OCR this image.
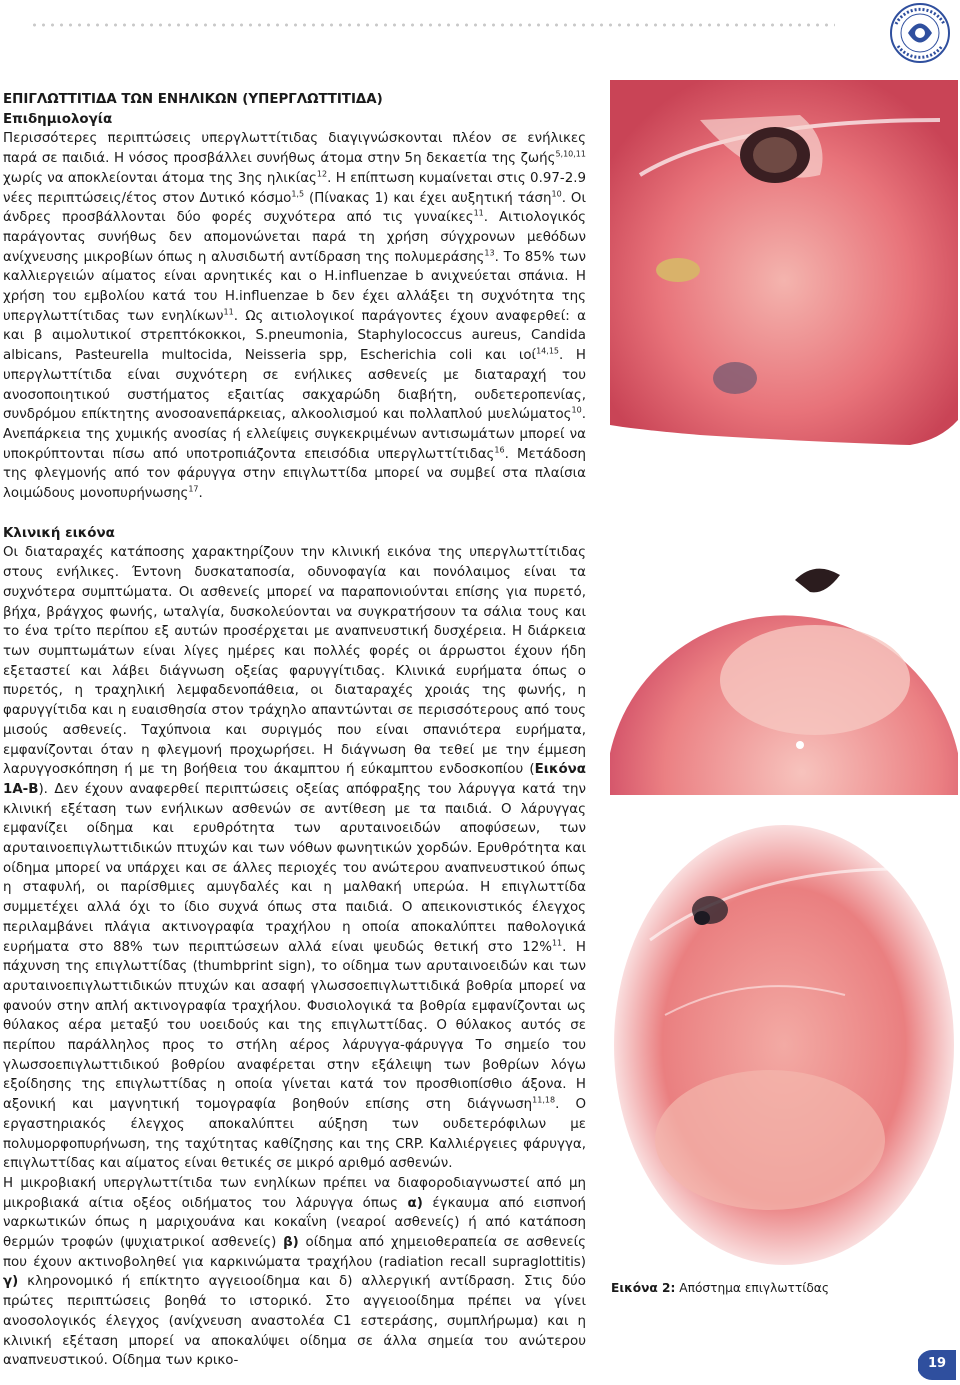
ΕΠΙΓΛΩΤΤΙΤΙΔΑ ΤΩΝ ΕΝΗΛΙΚΩΝ (ΥΠΕΡΓΛΩΤΤΙΤΙΔΑ)
Επιδημιολογία

Περισσότερες περιπτώσεις υπεργλωττίτιδας διαγιγνώσκονται πλέον σε ενήλικες παρά σε παιδιά. Η νόσος προσβάλλει συνήθως άτομα στην 5η δεκαετία της ζωής$^{5,10,11}$ χωρίς να αποκλείονται άτομα της 3ης ηλικίας$^{12}$. Η επίπτωση κυμαίνεται στις 0.97-2.9 νέες περιπτώσεις/έτος στον Δυτικό κόσμο$^{1,5}$ (Πίνακας 1) και έχει αυξητική τάση$^{10}$. Οι άνδρες προσβάλλονται δύο φορές συχνότερα από τις γυναίκες$^{11}$. Αιτιολογικός παράγοντας συνήθως δεν απομονώνεται παρά τη χρήση σύγχρονων μεθόδων ανίχνευσης μικροβίων όπως η αλυσιδωτή αντίδραση της πολυμεράσης$^{13}$. Το 85% των καλλιεργειών αίματος είναι αρνητικές και ο H.influenzae b ανιχνεύεται σπάνια. Η χρήση του εμβολίου κατά του H.influenzae b δεν έχει αλλάξει τη συχνότητα της υπεργλωττίτιδας των ενηλίκων$^{11}$. Ως αιτιολογικοί παράγοντες έχουν αναφερθεί: α και β αιμολυτικοί στρεπτόκοκκοι, S.pneumonia, Staphylococcus aureus, Candida albicans, Pasteurella multocida, Neisseria spp, Escherichia coli και ιοί$^{14,15}$. Η υπεργλωττίτιδα είναι συχνότερη σε ενήλικες ασθενείς με διαταραχή του ανοσοποιητικού συστήματος εξαιτίας σακχαρώδη διαβήτη, ουδετεροπενίας, συνδρόμου επίκτητης ανοσοανεπάρκειας, αλκοολισμού και πολλαπλού μυελώματος$^{10}$. Ανεπάρκεια της χυμικής ανοσίας ή ελλείψεις συγκεκριμένων αντισωμάτων μπορεί να υποκρύπτονται πίσω από υποτροπιάζοντα επεισόδια υπεργλωττίτιδας$^{16}$. Μετάδοση της φλεγμονής από τον φάρυγγα στην επιγλωττίδα μπορεί να συμβεί στα πλαίσια λοιμώδους μονοπυρήνωσης$^{17}$.

Κλινική εικόνα

Οι διαταραχές κατάποσης χαρακτηρίζουν την κλινική εικόνα της υπεργλωττίτιδας στους ενήλικες. Έντονη δυσκαταποσία, οδυνοφαγία και πονόλαιμος είναι τα συχνότερα συμπτώματα. Οι ασθενείς μπορεί να παραπονιούνται επίσης για πυρετό, βήχα, βράγχος φωνής, ωταλγία, δυσκολεύονται να συγκρατήσουν τα σάλια τους και το ένα τρίτο περίπου εξ αυτών προσέρχεται με αναπνευστική δυσχέρεια. Η διάρκεια των συμπτωμάτων είναι λίγες ημέρες και πολλές φορές οι άρρωστοι έχουν ήδη εξεταστεί και λάβει διάγνωση οξείας φαρυγγίτιδας. Κλινικά ευρήματα όπως ο πυρετός, η τραχηλική λεμφαδενοπάθεια, οι διαταραχές χροιάς της φωνής, η φαρυγγίτιδα και η ευαισθησία στον τράχηλο απαντώνται σε περισσότερους από τους μισούς ασθενείς. Ταχύπνοια και συριγμός που είναι σπανιότερα ευρήματα, εμφανίζονται όταν η φλεγμονή προχωρήσει. Η διάγνωση θα τεθεί με την έμμεση λαρυγγοσκόπηση ή με τη βοήθεια του άκαμπτου ή εύκαμπτου ενδοσκοπίου (Εικόνα 1Α-Β). Δεν έχουν αναφερθεί περιπτώσεις οξείας απόφραξης του λάρυγγα κατά την κλινική εξέταση των ενήλικων ασθενών σε αντίθεση με τα παιδιά. Ο λάρυγγας εμφανίζει οίδημα και ερυθρότητα των αρυταινοειδών αποφύσεων, των αρυταινοεπιγλωττιδικών πτυχών και των νόθων φωνητικών χορδών. Ερυθρότητα και οίδημα μπορεί να υπάρχει και σε άλλες περιοχές του ανώτερου αναπνευστικού όπως η σταφυλή, οι παρίσθμιες αμυγδαλές και η μαλθακή υπερώα. Η επιγλωττίδα συμμετέχει αλλά όχι το ίδιο συχνά όπως στα παιδιά. Ο απεικονιστικός έλεγχος περιλαμβάνει πλάγια ακτινογραφία τραχήλου η οποία αποκαλύπτει παθολογικά ευρήματα στο 88% των περιπτώσεων αλλά είναι ψευδώς θετική στο 12%$^{11}$. Η πάχυνση της επιγλωττίδας (thumbprint sign), το οίδημα των αρυταινοειδών και των αρυταινοεπιγλωττιδικών πτυχών και ασαφή γλωσσοεπιγλωττιδικά βοθρία μπορεί να φανούν στην απλή ακτινογραφία τραχήλου. Φυσιολογικά τα βοθρία εμφανίζονται ως θύλακος αέρα μεταξύ του υοειδούς και της επιγλωττίδας. Ο θύλακος αυτός σε περίπου παράλληλος προς το στήλη αέρος λάρυγγα-φάρυγγα Το σημείο του γλωσσοεπιγλωττιδικού βοθρίου αναφέρεται στην εξάλειψη των βοθρίων λόγω εξοίδησης της επιγλωττίδας η οποία γίνεται κατά τον προσθιοπίσθιο άξονα. Η αξονική και μαγνητική τομογραφία βοηθούν επίσης στη διάγνωση$^{11,18}$. Ο εργαστηριακός έλεγχος αποκαλύπτει αύξηση των ουδετερόφιλων με πολυμορφοπυρήνωση, της ταχύτητας καθίζησης και της CRP. Καλλιέργειες φάρυγγα, επιγλωττίδας και αίματος είναι θετικές σε μικρό αριθμό ασθενών.

Η μικροβιακή υπεργλωττίτιδα των ενηλίκων πρέπει να διαφοροδιαγνωστεί από μη μικροβιακά αίτια οξέος οιδήματος του λάρυγγα όπως α) έγκαυμα από εισπνοή ναρκωτικών όπως η μαριχουάνα και κοκαΐνη (νεαροί ασθενείς) ή από κατάποση θερμών τροφών (ψυχιατρικοί ασθενείς) β) οίδημα από χημειοθεραπεία σε ασθενείς που έχουν ακτινοβοληθεί για καρκινώματα τραχήλου (radiation recall supraglottitis) γ) κληρονομικό ή επίκτητο αγγειοοίδημα και δ) αλλεργική αντίδραση. Στις δύο πρώτες περιπτώσεις βοηθά το ιστορικό. Στο αγγειοοίδημα πρέπει να γίνει ανοσολογικός έλεγχος (ανίχνευση αναστολέα C1 εστεράσης, συμπλήρωμα) και η κλινική εξέταση μπορεί να αποκαλύψει οίδημα σε άλλα σημεία του ανώτερου αναπνευστικού. Οίδημα των κρικο-

Εικόνα 2: Απόστημα επιγλωττίδας
19
